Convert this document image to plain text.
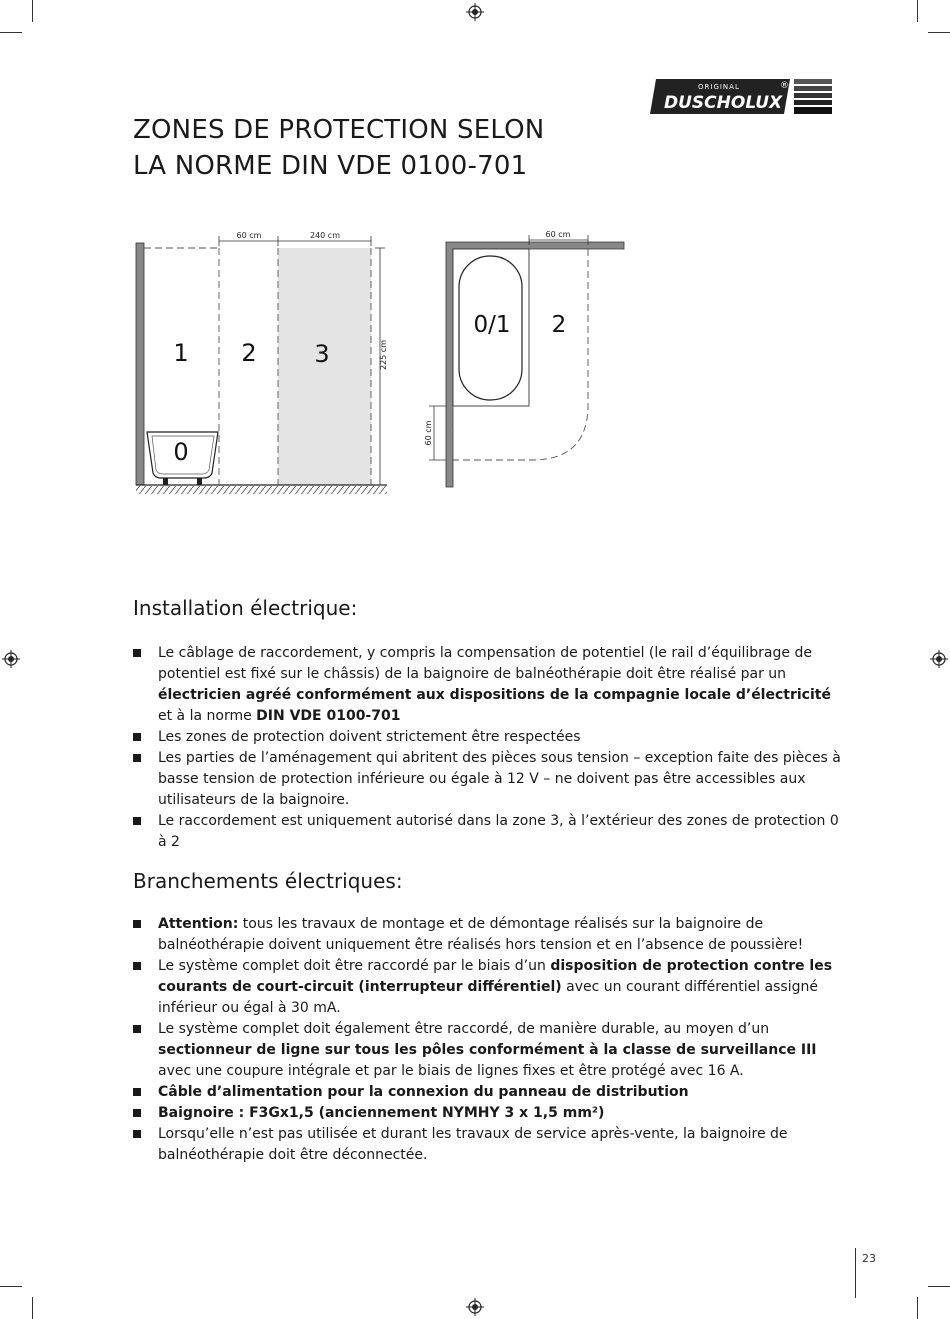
ORIGINAL
DUSCHOLUX
®
ZONES DE PROTECTION SELON
LA NORME DIN VDE 0100-701
60 cm	240 cm
225 cm
1 2 3
0
60 cm
60 cm
0/1 2
Installation électrique:
Le câblage de raccordement, y compris la compensation de potentiel (le rail d’équilibrage de potentiel est fixé sur le châssis) de la baignoire de balnéothérapie doit être réalisé par un électricien agréé conformément aux dispositions de la compagnie locale d’électricité et à la norme DIN VDE 0100-701
Les zones de protection doivent strictement être respectées
Les parties de l’aménagement qui abritent des pièces sous tension – exception faite des pièces à basse tension de protection inférieure ou égale à 12 V – ne doivent pas être accessibles aux utilisateurs de la baignoire.
Le raccordement est uniquement autorisé dans la zone 3, à l’extérieur des zones de protection 0 à 2
Branchements électriques:
Attention: tous les travaux de montage et de démontage réalisés sur la baignoire de balnéothérapie doivent uniquement être réalisés hors tension et en l’absence de poussière!
Le système complet doit être raccordé par le biais d’un disposition de protection contre les courants de court-circuit (interrupteur différentiel) avec un courant différentiel assigné inférieur ou égal à 30 mA.
Le système complet doit également être raccordé, de manière durable, au moyen d’un sectionneur de ligne sur tous les pôles conformément à la classe de surveillance III avec une coupure intégrale et par le biais de lignes fixes et être protégé avec 16 A.
Câble d’alimentation pour la connexion du panneau de distribution
Baignoire : F3Gx1,5 (anciennement NYMHY 3 x 1,5 mm²)
Lorsqu’elle n’est pas utilisée et durant les travaux de service après-vente, la baignoire de balnéothérapie doit être déconnectée.
23
